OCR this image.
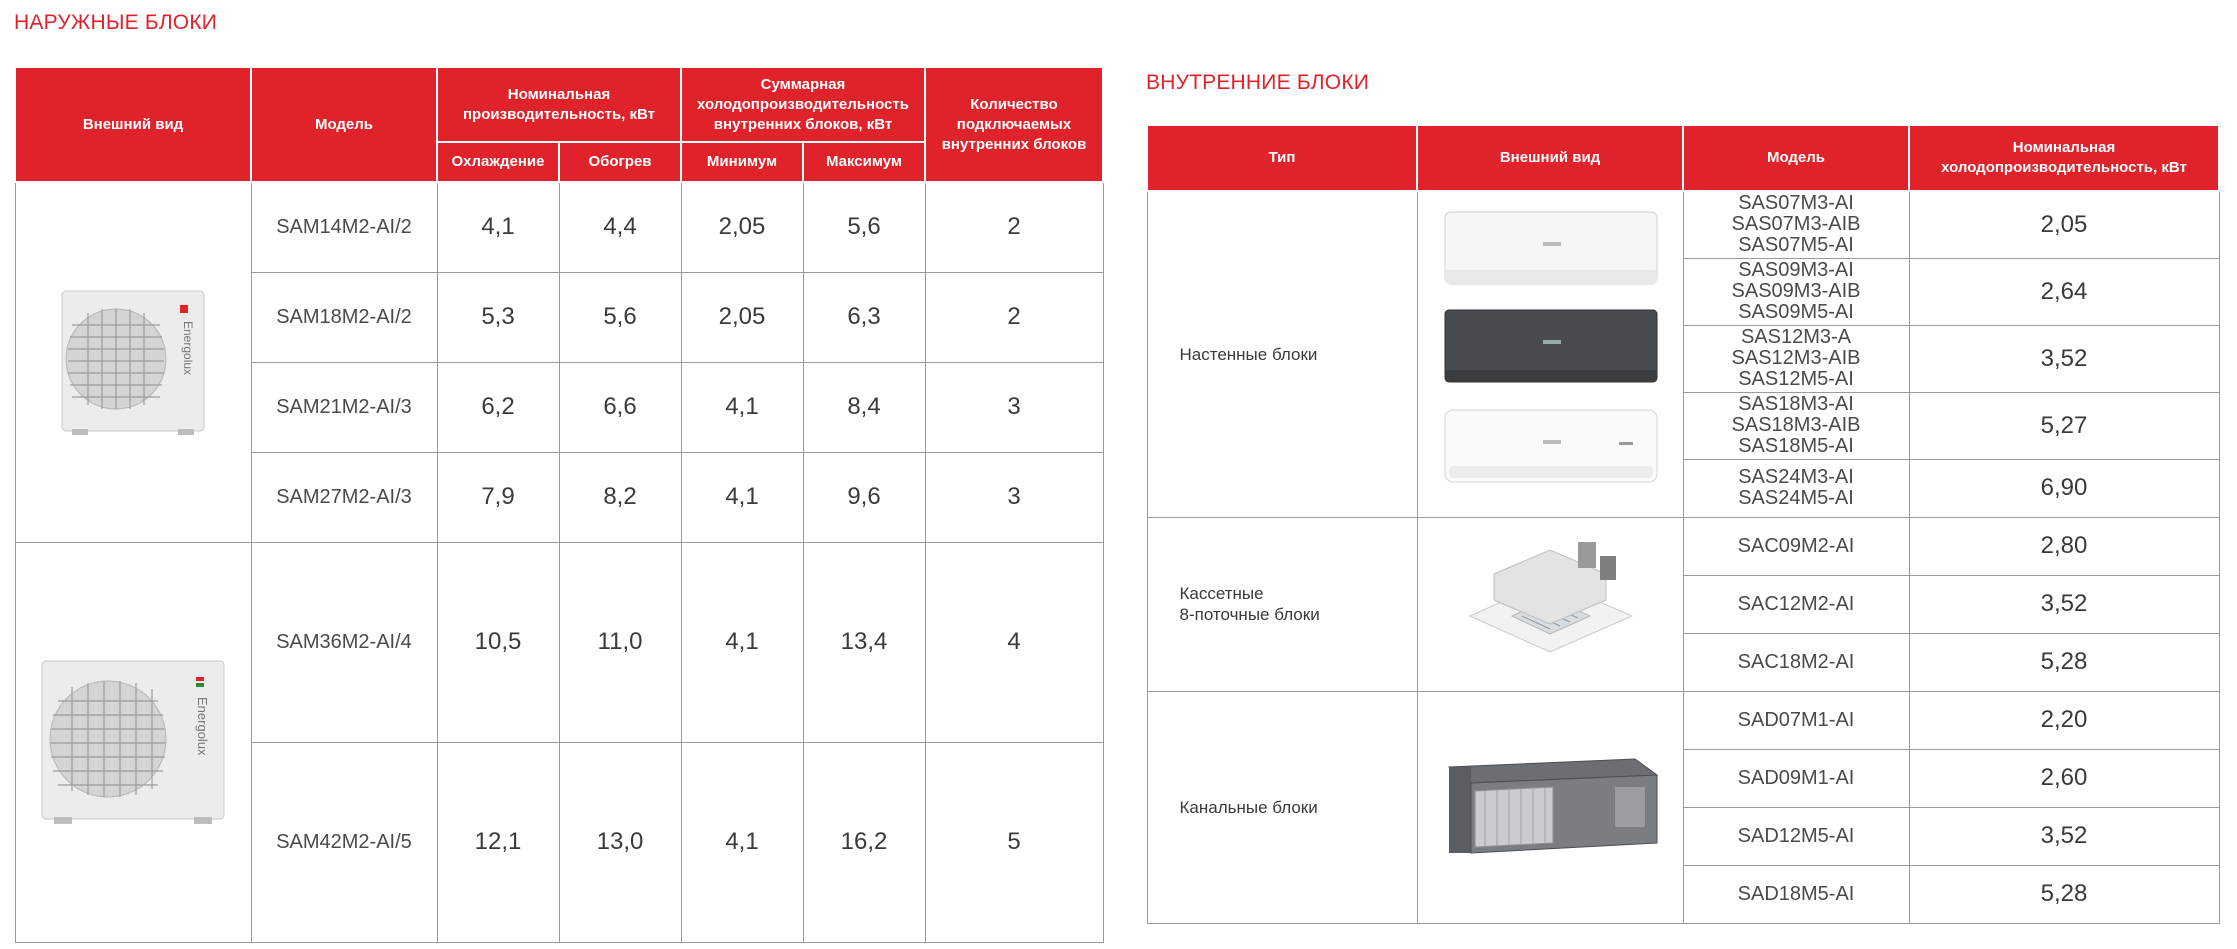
НАРУЖНЫЕ БЛОКИ
Внешний вид	Модель	Номинальная производительность, кВт		Суммарная холодопроизводительность внутренних блоков, кВт		Количество подключаемых внутренних блоков
		Охлаждение	Обогрев	Минимум	Максимум	

Energolux	SAM14M2-AI/2	4,1	4,4	2,05	5,6	2
	SAM18M2-AI/2	5,3	5,6	2,05	6,3	2
	SAM21M2-AI/3	6,2	6,6	4,1	8,4	3
	SAM27M2-AI/3	7,9	8,2	4,1	9,6	3

Energolux	SAM36M2-AI/4	10,5	11,0	4,1	13,4	4
	SAM42M2-AI/5	12,1	13,0	4,1	16,2	5
ВНУТРЕННИЕ БЛОКИ
Тип	Внешний вид	Модель	Номинальная холодопроизводительность, кВт
Настенные блоки		SAS07M3-AI
SAS07M3-AIB
SAS07M5-AI	2,05

		SAS09M3-AI
SAS09M3-AIB
SAS09M5-AI	2,64

		SAS12M3-A
SAS12M3-AIB
SAS12M5-AI	3,52

		SAS18M3-AI
SAS18M3-AIB
SAS18M5-AI	5,27

		SAS24M3-AI
SAS24M5-AI	6,90

Кассетные
8-поточные блоки		SAC09M2-AI	2,80
		SAC12M2-AI	3,52
		SAC18M2-AI	5,28
Канальные блоки		SAD07M1-AI	2,20
		SAD09M1-AI	2,60
		SAD12M5-AI	3,52
		SAD18M5-AI	5,28
